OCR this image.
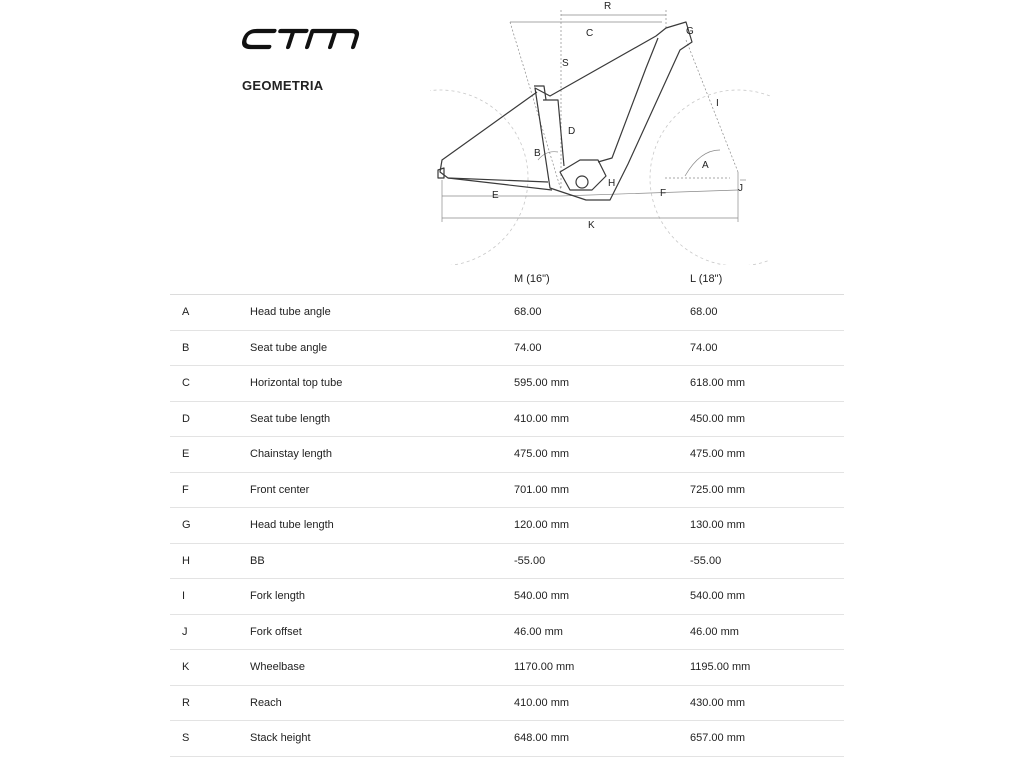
GEOMETRIA
R
C	G
S
I
D
B
A
H
E	F	J
K
		M (16")	L (18")
A	Head tube angle	68.00	68.00
B	Seat tube angle	74.00	74.00
C	Horizontal top tube	595.00 mm	618.00 mm
D	Seat tube length	410.00 mm	450.00 mm
E	Chainstay length	475.00 mm	475.00 mm
F	Front center	701.00 mm	725.00 mm
G	Head tube length	120.00 mm	130.00 mm
H	BB	-55.00	-55.00
I	Fork length	540.00 mm	540.00 mm
J	Fork offset	46.00 mm	46.00 mm
K	Wheelbase	1170.00 mm	1195.00 mm
R	Reach	410.00 mm	430.00 mm
S	Stack height	648.00 mm	657.00 mm
